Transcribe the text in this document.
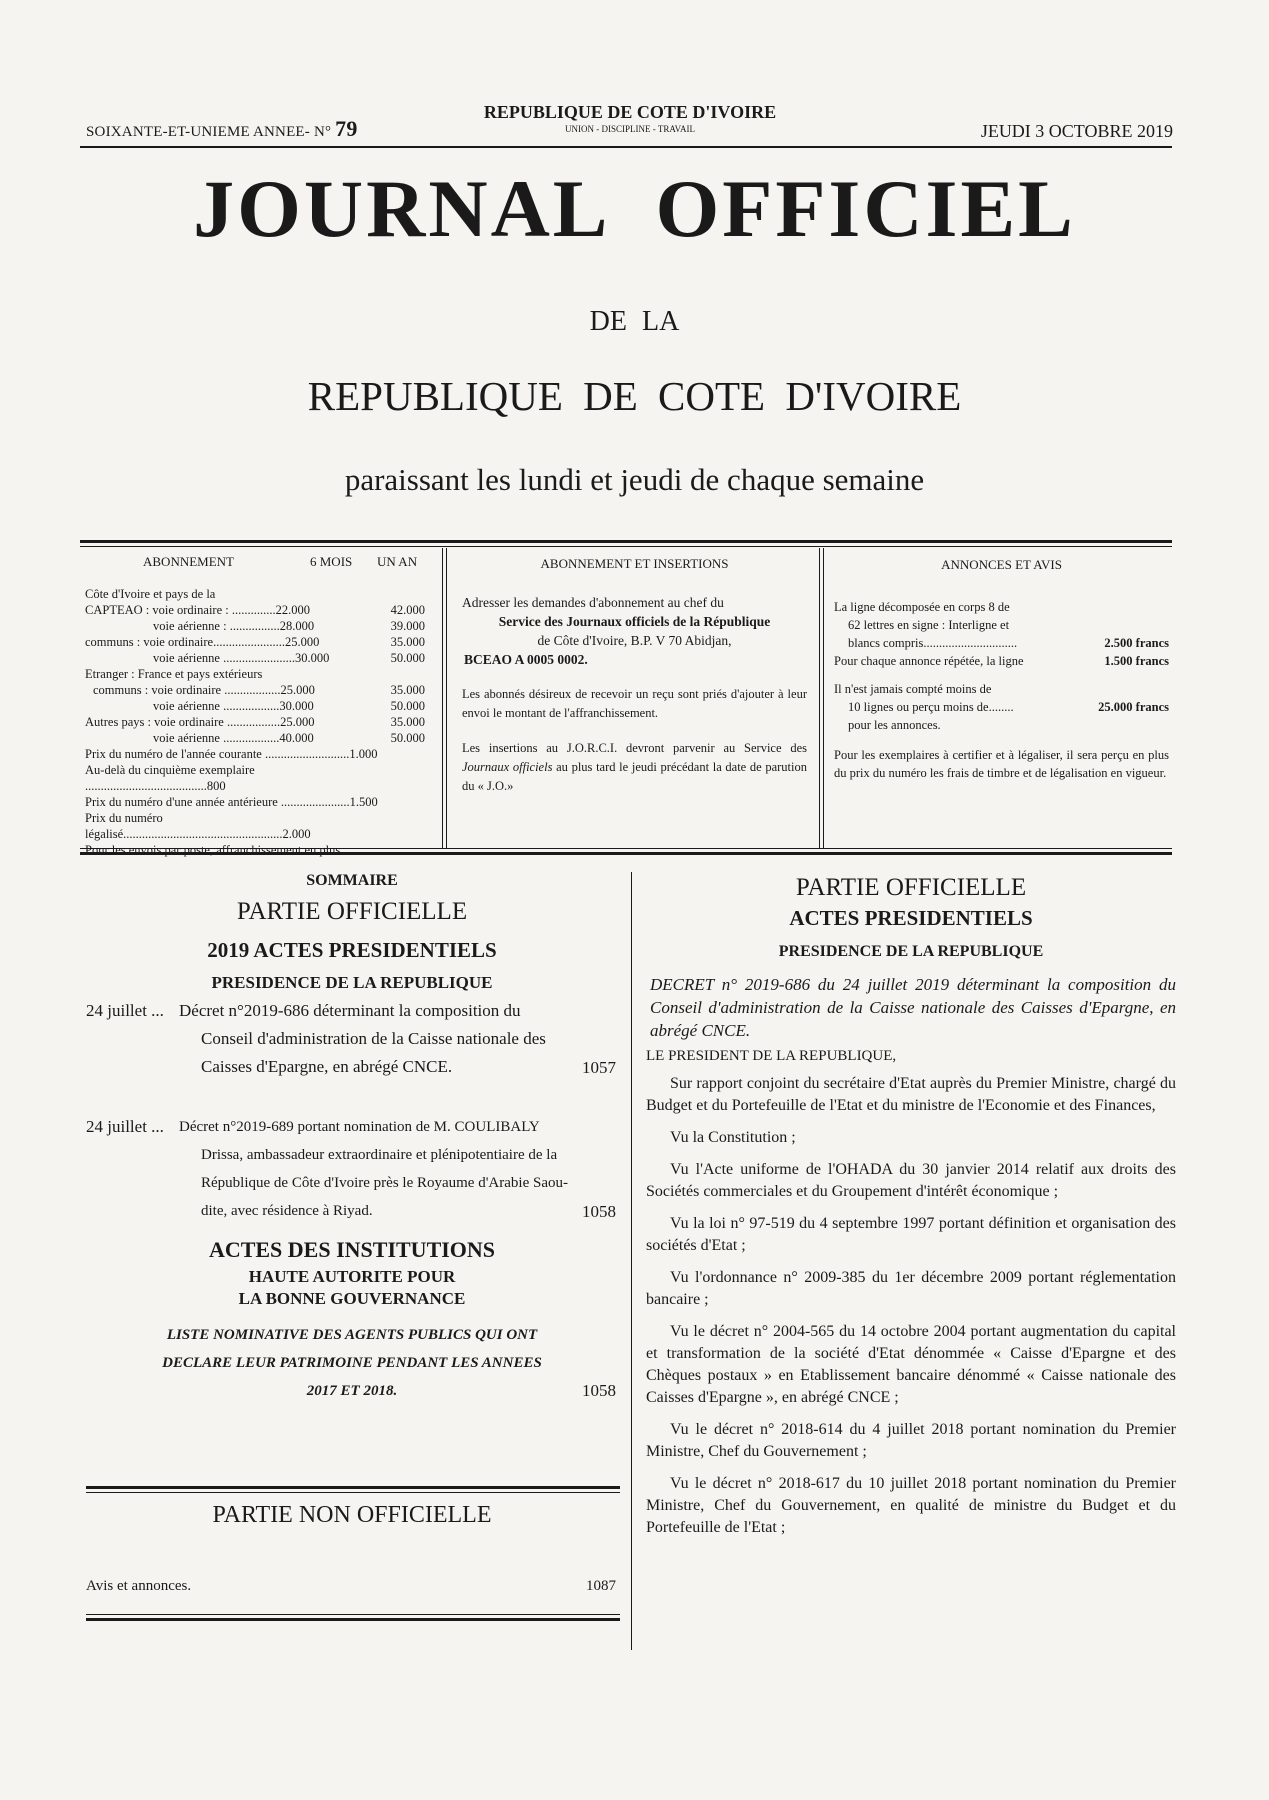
SOIXANTE-ET-UNIEME ANNEE- N° 79
REPUBLIQUE DE COTE D'IVOIRE
UNION - DISCIPLINE - TRAVAIL	JEUDI 3 OCTOBRE 2019
JOURNAL OFFICIEL
DE LA
REPUBLIQUE DE COTE D'IVOIRE
paraissant les lundi et jeudi de chaque semaine
ABONNEMENT	6 MOIS UN AN
Côte d'Ivoire et pays de la
CAPTEAO : voie ordinaire : ..............22.000	42.000
voie aérienne : ................28.000	39.000
communs : voie ordinaire.......................25.000	35.000
voie aérienne .......................30.000	50.000
Etranger : France et pays extérieurs
communs : voie ordinaire ..................25.000	35.000
voie aérienne ..................30.000	50.000
Autres pays : voie ordinaire .................25.000	35.000
voie aérienne ..................40.000	50.000
Prix du numéro de l'année courante ...........................1.000
Au-delà du cinquième exemplaire .......................................800
Prix du numéro d'une année antérieure ......................1.500
Prix du numéro légalisé...................................................2.000
Pour les envois par poste, affranchissement en plus.
ABONNEMENT ET INSERTIONS
Adresser les demandes d'abonnement au chef du
Service des Journaux officiels de la République
de Côte d'Ivoire, B.P. V 70 Abidjan,
BCEAO A 0005 0002.
Les abonnés désireux de recevoir un reçu sont priés d'ajouter à leur envoi le montant de l'affranchissement.
Les insertions au J.O.R.C.I. devront parvenir au Service des Journaux officiels au plus tard le jeudi précédant la date de parution du « J.O.»
ANNONCES ET AVIS
La ligne décomposée en corps 8 de
62 lettres en signe : Interligne et
blancs compris..............................	2.500 francs
Pour chaque annonce répétée, la ligne	1.500 francs
Il n'est jamais compté moins de
10 lignes ou perçu moins de........	25.000 francs
pour les annonces.
Pour les exemplaires à certifier et à légaliser, il sera perçu en plus du prix du numéro les frais de timbre et de légalisation en vigueur.
SOMMAIRE
PARTIE OFFICIELLE
2019 ACTES PRESIDENTIELS
PRESIDENCE DE LA REPUBLIQUE
24 juillet ... Décret n°2019-686 déterminant la composition du
Conseil d'administration de la Caisse nationale des
Caisses d'Epargne, en abrégé CNCE.	1057
24 juillet ... Décret n°2019-689 portant nomination de M. COULIBALY
Drissa, ambassadeur extraordinaire et plénipotentiaire de la
République de Côte d'Ivoire près le Royaume d'Arabie Saou-
dite, avec résidence à Riyad.	1058
ACTES DES INSTITUTIONS
HAUTE AUTORITE POUR
LA BONNE GOUVERNANCE
LISTE NOMINATIVE DES AGENTS PUBLICS QUI ONT
DECLARE LEUR PATRIMOINE PENDANT LES ANNEES
2017 ET 2018.	1058
PARTIE NON OFFICIELLE
Avis et annonces.	1087
PARTIE OFFICIELLE
ACTES PRESIDENTIELS
PRESIDENCE DE LA REPUBLIQUE
DECRET n° 2019-686 du 24 juillet 2019 déterminant la composition du Conseil d'administration de la Caisse nationale des Caisses d'Epargne, en abrégé CNCE.
LE PRESIDENT DE LA REPUBLIQUE,

Sur rapport conjoint du secrétaire d'Etat auprès du Premier Ministre, chargé du Budget et du Portefeuille de l'Etat et du ministre de l'Economie et des Finances,

Vu la Constitution ;

Vu l'Acte uniforme de l'OHADA du 30 janvier 2014 relatif aux droits des Sociétés commerciales et du Groupement d'intérêt économique ;

Vu la loi n° 97-519 du 4 septembre 1997 portant définition et organisation des sociétés d'Etat ;

Vu l'ordonnance n° 2009-385 du 1er décembre 2009 portant réglementation bancaire ;

Vu le décret n° 2004-565 du 14 octobre 2004 portant augmentation du capital et transformation de la société d'Etat dénommée « Caisse d'Epargne et des Chèques postaux » en Etablissement bancaire dénommé « Caisse nationale des Caisses d'Epargne », en abrégé CNCE ;

Vu le décret n° 2018-614 du 4 juillet 2018 portant nomination du Premier Ministre, Chef du Gouvernement ;

Vu le décret n° 2018-617 du 10 juillet 2018 portant nomination du Premier Ministre, Chef du Gouvernement, en qualité de ministre du Budget et du Portefeuille de l'Etat ;
